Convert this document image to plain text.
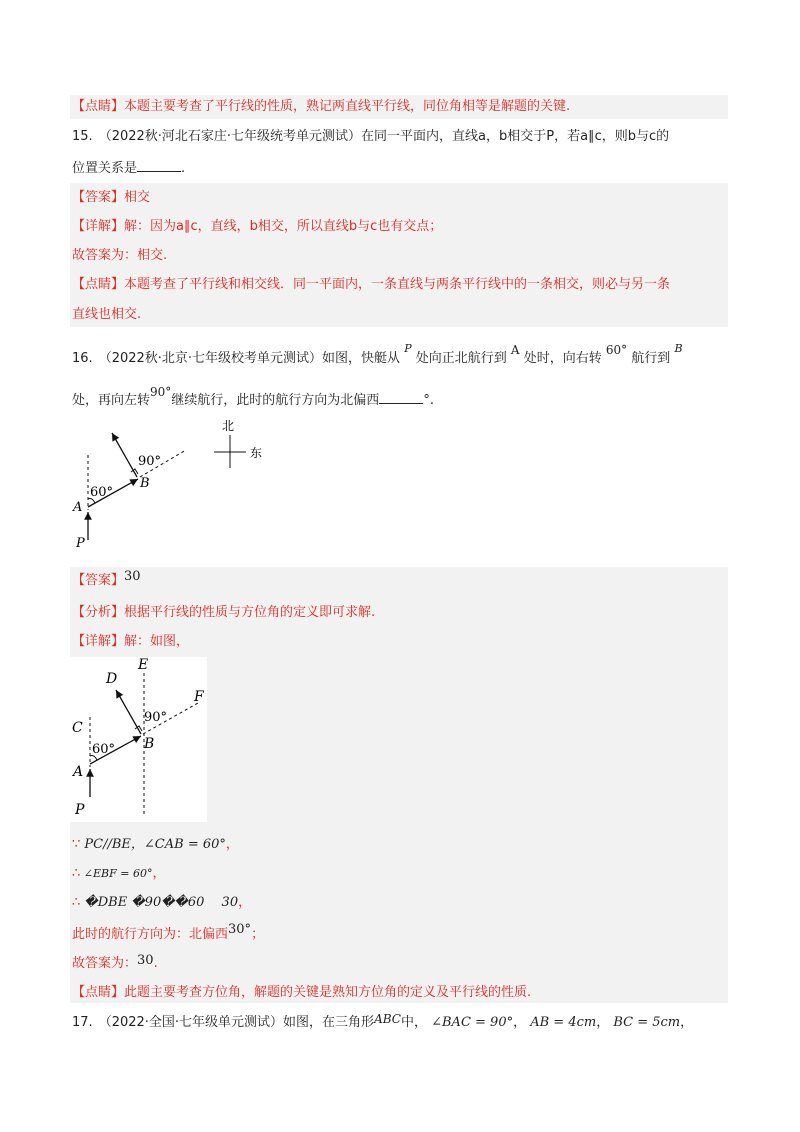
【点睛】本题主要考查了平行线的性质，熟记两直线平行线，同位角相等是解题的关键.
15. （2022秋·河北石家庄·七年级统考单元测试）在同一平面内，直线a，b相交于P，若a∥c，则b与c的
位置关系是	.
【答案】相交
【详解】解：因为a∥c，直线，b相交，所以直线b与c也有交点；
故答案为：相交.
【点睛】本题考查了平行线和相交线．同一平面内，一条直线与两条平行线中的一条相交，则必与另一条
直线也相交.
16. （2022秋·北京·七年级校考单元测试）如图，快艇从 $^P$ 处向正北航行到 A 处时，向右转 60° 航行到 $^B$
处，再向左转90°继续航行，此时的航行方向为北偏西	°.
60°
90°
A
B
P
北
东
【答案】30
【分析】根据平行线的性质与方位角的定义即可求解.
【详解】解：如图，
E
D
F
C
90°
60° B
A
P
∵ PC//BE，∠CAB = 60°，
∴ ∠EBF = 60°，
∴ �DBE �90��60　 30，
此时的航行方向为：北偏西30°；
故答案为：30.
【点睛】此题主要考查方位角，解题的关键是熟知方位角的定义及平行线的性质.
17. （2022·全国·七年级单元测试）如图，在三角形ABC中， ∠BAC = 90°， AB = 4cm， BC = 5cm，
